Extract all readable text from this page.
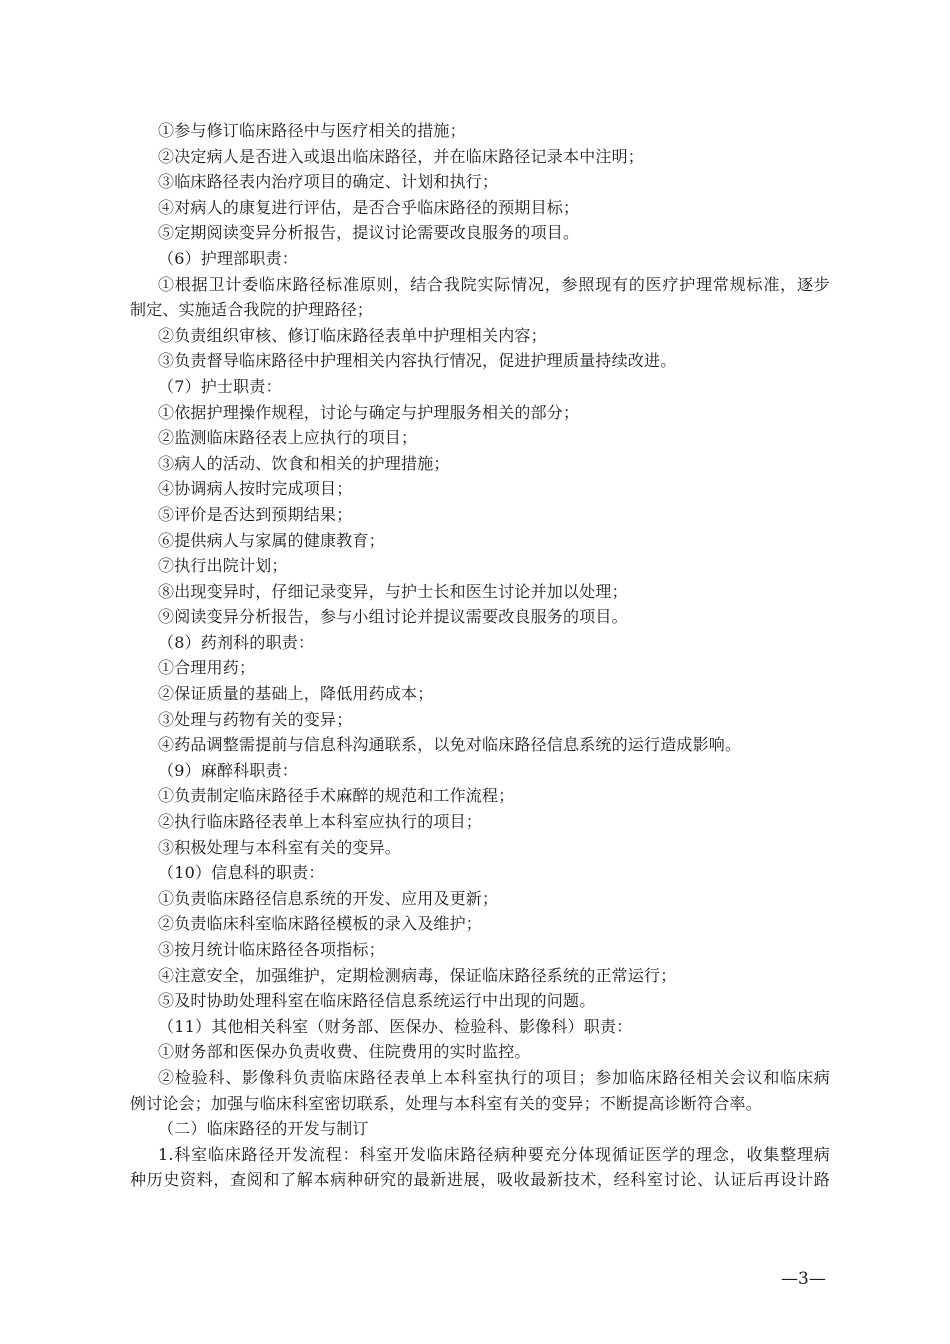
①参与修订临床路径中与医疗相关的措施；
②决定病人是否进入或退出临床路径，并在临床路径记录本中注明；
③临床路径表内治疗项目的确定、计划和执行；
④对病人的康复进行评估，是否合乎临床路径的预期目标；
⑤定期阅读变异分析报告，提议讨论需要改良服务的项目。
（6）护理部职责：
①根据卫计委临床路径标准原则，结合我院实际情况，参照现有的医疗护理常规标准，逐步
制定、实施适合我院的护理路径；
②负责组织审核、修订临床路径表单中护理相关内容；
③负责督导临床路径中护理相关内容执行情况，促进护理质量持续改进。
（7）护士职责：
①依据护理操作规程，讨论与确定与护理服务相关的部分；
②监测临床路径表上应执行的项目；
③病人的活动、饮食和相关的护理措施；
④协调病人按时完成项目；
⑤评价是否达到预期结果；
⑥提供病人与家属的健康教育；
⑦执行出院计划；
⑧出现变异时，仔细记录变异，与护士长和医生讨论并加以处理；
⑨阅读变异分析报告，参与小组讨论并提议需要改良服务的项目。
（8）药剂科的职责：
①合理用药；
②保证质量的基础上，降低用药成本；
③处理与药物有关的变异；
④药品调整需提前与信息科沟通联系，以免对临床路径信息系统的运行造成影响。
（9）麻醉科职责：
①负责制定临床路径手术麻醉的规范和工作流程；
②执行临床路径表单上本科室应执行的项目；
③积极处理与本科室有关的变异。
（10）信息科的职责：
①负责临床路径信息系统的开发、应用及更新；
②负责临床科室临床路径模板的录入及维护；
③按月统计临床路径各项指标；
④注意安全，加强维护，定期检测病毒，保证临床路径系统的正常运行；
⑤及时协助处理科室在临床路径信息系统运行中出现的问题。
（11）其他相关科室（财务部、医保办、检验科、影像科）职责：
①财务部和医保办负责收费、住院费用的实时监控。
②检验科、影像科负责临床路径表单上本科室执行的项目；参加临床路径相关会议和临床病
例讨论会；加强与临床科室密切联系，处理与本科室有关的变异；不断提高诊断符合率。
（二）临床路径的开发与制订
1.科室临床路径开发流程：科室开发临床路径病种要充分体现循证医学的理念，收集整理病
种历史资料，查阅和了解本病种研究的最新进展，吸收最新技术，经科室讨论、认证后再设计路
—3—
